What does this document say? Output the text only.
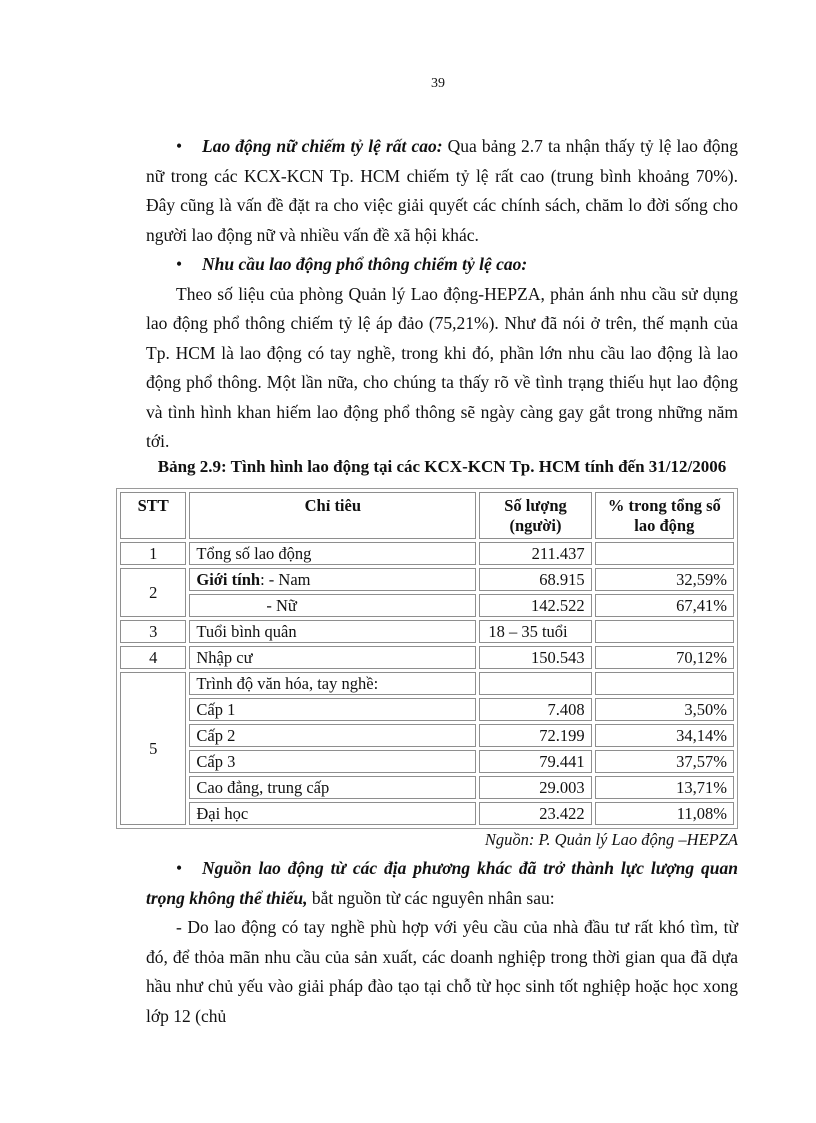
39

• Lao động nữ chiếm tỷ lệ rất cao: Qua bảng 2.7 ta nhận thấy tỷ lệ lao động nữ trong các KCX-KCN Tp. HCM chiếm tỷ lệ rất cao (trung bình khoảng 70%). Đây cũng là vấn đề đặt ra cho việc giải quyết các chính sách, chăm lo đời sống cho người lao động nữ và nhiều vấn đề xã hội khác.

• Nhu cầu lao động phổ thông chiếm tỷ lệ cao:

Theo số liệu của phòng Quản lý Lao động-HEPZA, phản ánh nhu cầu sử dụng lao động phổ thông chiếm tỷ lệ áp đảo (75,21%). Như đã nói ở trên, thế mạnh của Tp. HCM là lao động có tay nghề, trong khi đó, phần lớn nhu cầu lao động là lao động phổ thông. Một lần nữa, cho chúng ta thấy rõ về tình trạng thiếu hụt lao động và tình hình khan hiếm lao động phổ thông sẽ ngày càng gay gắt trong những năm tới.

Bảng 2.9: Tình hình lao động tại các KCX-KCN Tp. HCM tính đến 31/12/2006
STT	Chỉ tiêu	Số lượng (người)	% trong tổng số lao động
1	Tổng số lao động	211.437	
2	Giới tính: - Nam	68.915	32,59%
	- Nữ	142.522	67,41%
3	Tuổi bình quân	18 – 35 tuổi	
4	Nhập cư	150.543	70,12%
5	Trình độ văn hóa, tay nghề:		
	Cấp 1	7.408	3,50%
	Cấp 2	72.199	34,14%
	Cấp 3	79.441	37,57%
	Cao đẳng, trung cấp	29.003	13,71%
	Đại học	23.422	11,08%
Nguồn: P. Quản lý Lao động –HEPZA

• Nguồn lao động từ các địa phương khác đã trở thành lực lượng quan trọng không thể thiếu, bắt nguồn từ các nguyên nhân sau:

- Do lao động có tay nghề phù hợp với yêu cầu của nhà đầu tư rất khó tìm, từ đó, để thỏa mãn nhu cầu của sản xuất, các doanh nghiệp trong thời gian qua đã dựa hầu như chủ yếu vào giải pháp đào tạo tại chỗ từ học sinh tốt nghiệp hoặc học xong lớp 12 (chủ
